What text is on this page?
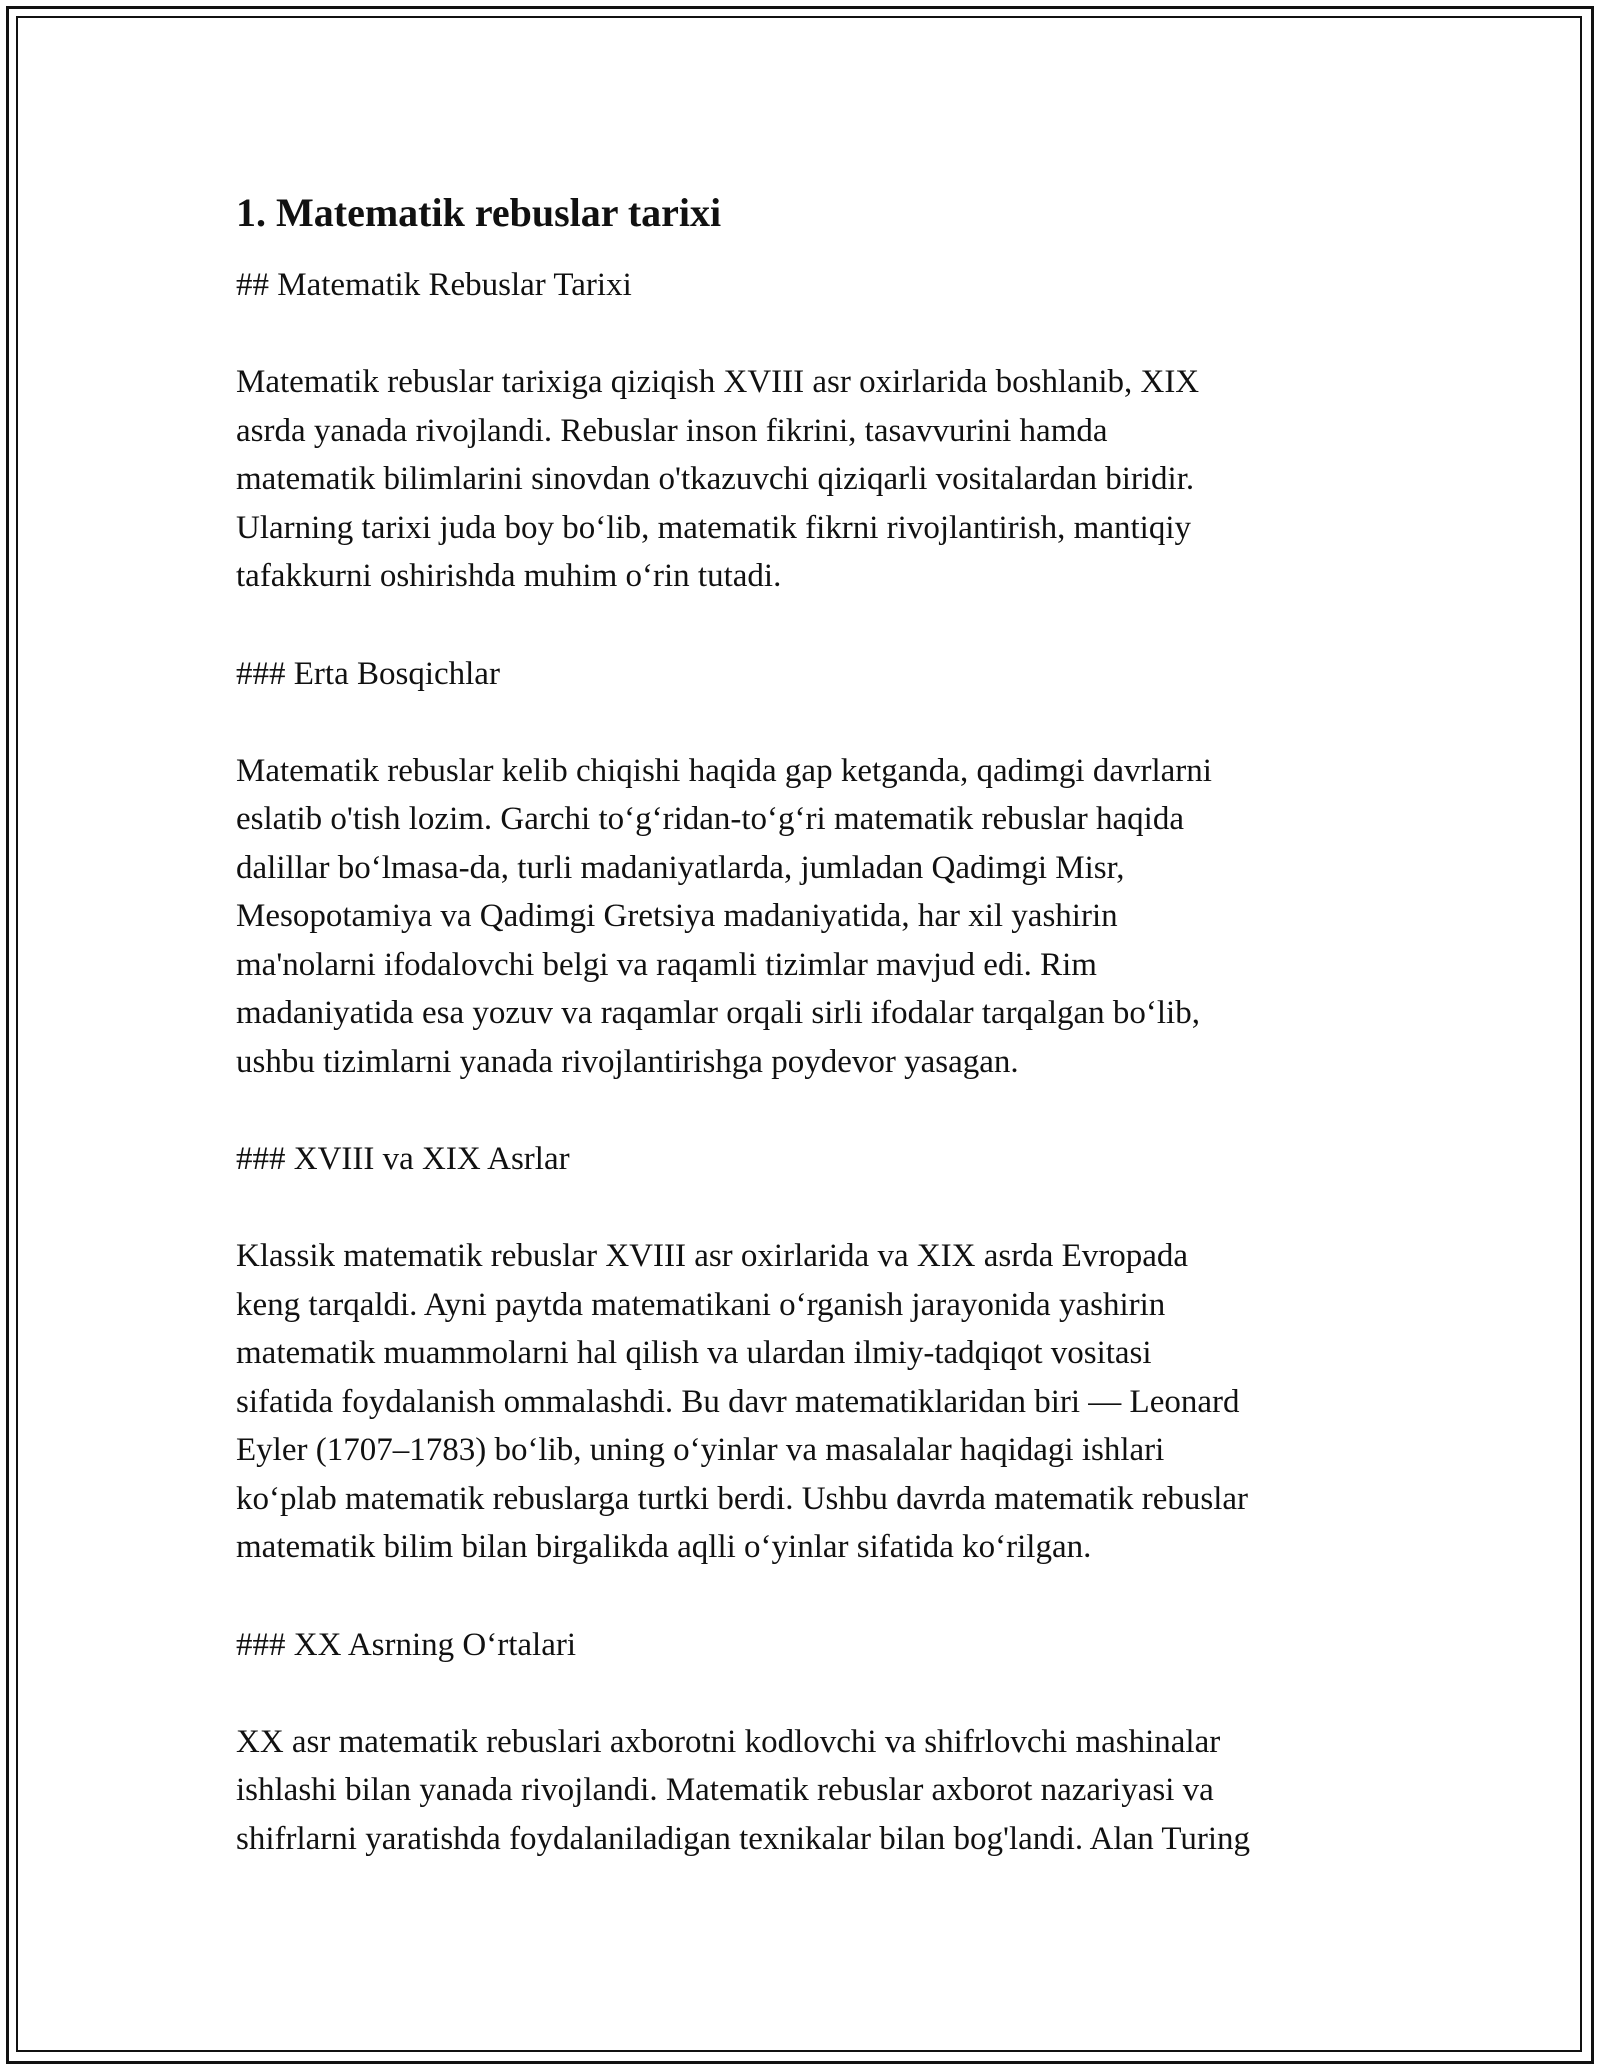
1. Matematik rebuslar tarixi

## Matematik Rebuslar Tarixi

Matematik rebuslar tarixiga qiziqish XVIII asr oxirlarida boshlanib, XIX
asrda yanada rivojlandi. Rebuslar inson fikrini, tasavvurini hamda
matematik bilimlarini sinovdan o'tkazuvchi qiziqarli vositalardan biridir.
Ularning tarixi juda boy bo‘lib, matematik fikrni rivojlantirish, mantiqiy
tafakkurni oshirishda muhim o‘rin tutadi.

### Erta Bosqichlar

Matematik rebuslar kelib chiqishi haqida gap ketganda, qadimgi davrlarni
eslatib o'tish lozim. Garchi to‘g‘ridan-to‘g‘ri matematik rebuslar haqida
dalillar bo‘lmasa-da, turli madaniyatlarda, jumladan Qadimgi Misr,
Mesopotamiya va Qadimgi Gretsiya madaniyatida, har xil yashirin
ma'nolarni ifodalovchi belgi va raqamli tizimlar mavjud edi. Rim
madaniyatida esa yozuv va raqamlar orqali sirli ifodalar tarqalgan bo‘lib,
ushbu tizimlarni yanada rivojlantirishga poydevor yasagan.

### XVIII va XIX Asrlar

Klassik matematik rebuslar XVIII asr oxirlarida va XIX asrda Evropada
keng tarqaldi. Ayni paytda matematikani o‘rganish jarayonida yashirin
matematik muammolarni hal qilish va ulardan ilmiy-tadqiqot vositasi
sifatida foydalanish ommalashdi. Bu davr matematiklaridan biri — Leonard
Eyler (1707–1783) bo‘lib, uning o‘yinlar va masalalar haqidagi ishlari
ko‘plab matematik rebuslarga turtki berdi. Ushbu davrda matematik rebuslar
matematik bilim bilan birgalikda aqlli o‘yinlar sifatida ko‘rilgan.

### XX Asrning O‘rtalari

XX asr matematik rebuslari axborotni kodlovchi va shifrlovchi mashinalar
ishlashi bilan yanada rivojlandi. Matematik rebuslar axborot nazariyasi va
shifrlarni yaratishda foydalaniladigan texnikalar bilan bog'landi. Alan Turing
